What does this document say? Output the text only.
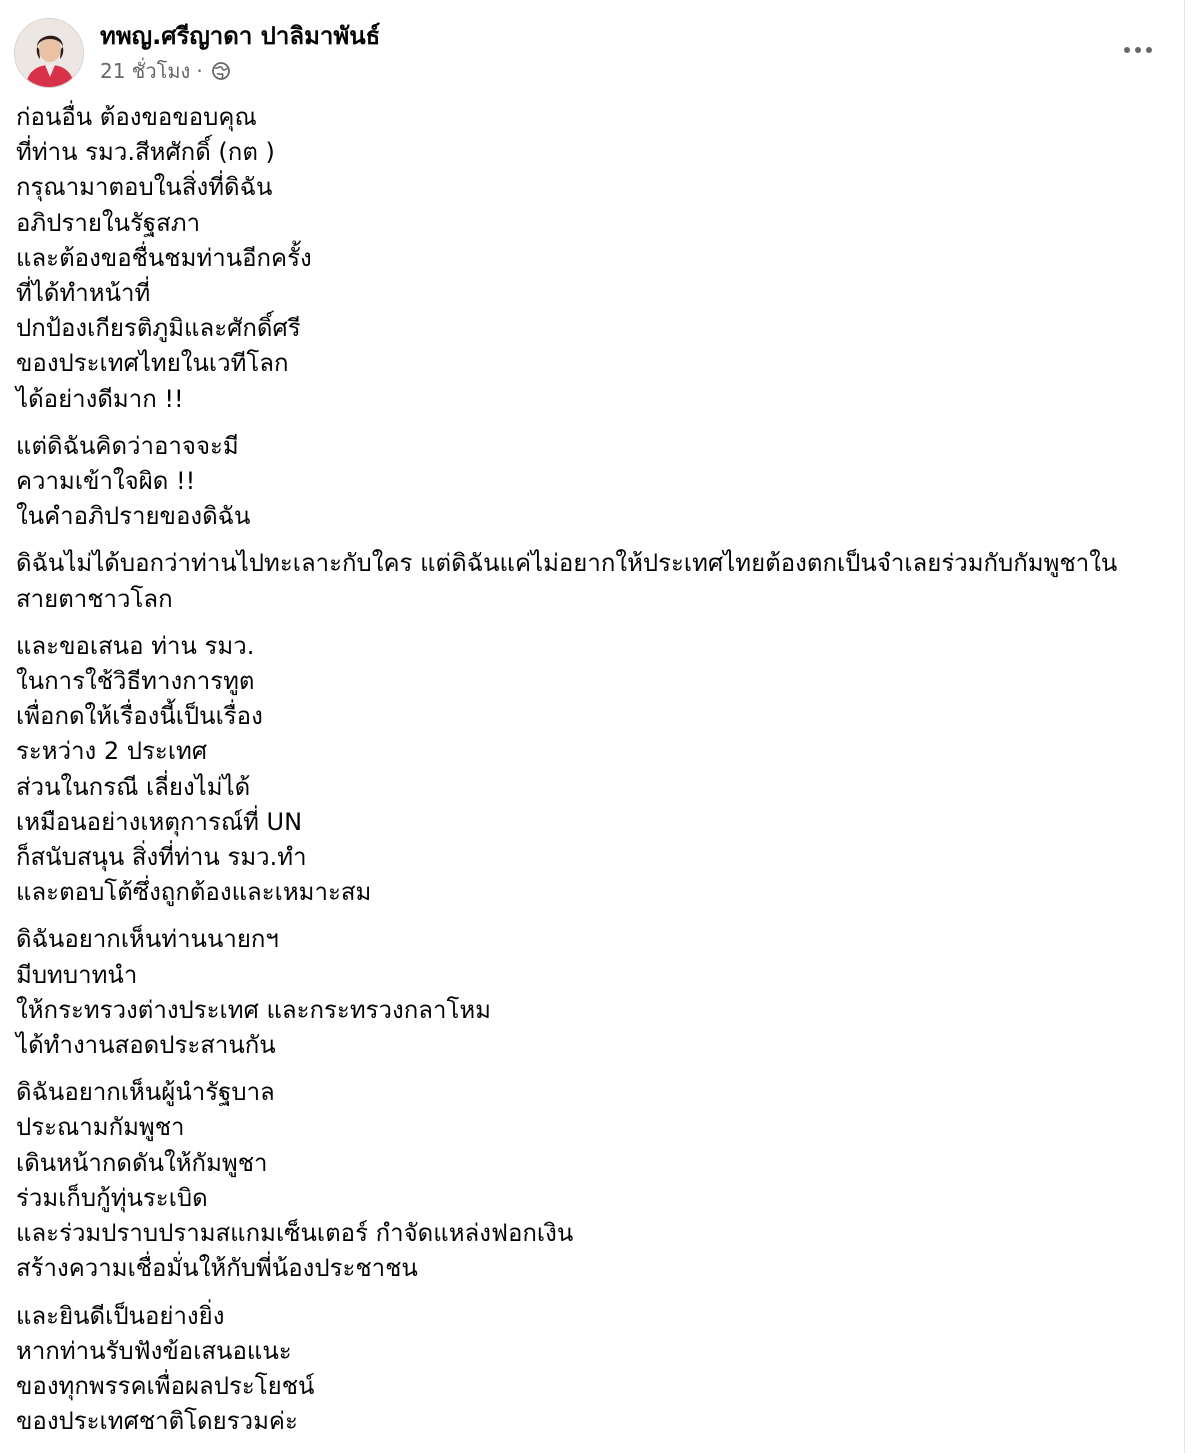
ทพญ.ศรีญาดา ปาลิมาพันธ์
21 ชั่วโมง ·
ก่อนอื่น ต้องขอขอบคุณ
ที่ท่าน รมว.สีหศักดิ์ (กต )
กรุณามาตอบในสิ่งที่ดิฉัน
อภิปรายในรัฐสภา
และต้องขอชื่นชมท่านอีกครั้ง
ที่ได้ทำหน้าที่
ปกป้องเกียรติภูมิและศักดิ์ศรี
ของประเทศไทยในเวทีโลก
ได้อย่างดีมาก !!
แต่ดิฉันคิดว่าอาจจะมี
ความเข้าใจผิด !!
ในคำอภิปรายของดิฉัน
ดิฉันไม่ได้บอกว่าท่านไปทะเลาะกับใคร แต่ดิฉันแค่ไม่อยากให้ประเทศไทยต้องตกเป็นจำเลยร่วมกับกัมพูชาใน
สายตาชาวโลก
และขอเสนอ ท่าน รมว.
ในการใช้วิธีทางการทูต
เพื่อกดให้เรื่องนี้เป็นเรื่อง
ระหว่าง 2 ประเทศ
ส่วนในกรณี เลี่ยงไม่ได้
เหมือนอย่างเหตุการณ์ที่ UN
ก็สนับสนุน สิ่งที่ท่าน รมว.ทำ
และตอบโต้ซึ่งถูกต้องและเหมาะสม
ดิฉันอยากเห็นท่านนายกฯ
มีบทบาทนำ
ให้กระทรวงต่างประเทศ และกระทรวงกลาโหม
ได้ทำงานสอดประสานกัน
ดิฉันอยากเห็นผู้นำรัฐบาล
ประณามกัมพูชา
เดินหน้ากดดันให้กัมพูชา
ร่วมเก็บกู้ทุ่นระเบิด
และร่วมปราบปรามสแกมเซ็นเตอร์ กำจัดแหล่งฟอกเงิน
สร้างความเชื่อมั่นให้กับพี่น้องประชาชน
และยินดีเป็นอย่างยิ่ง
หากท่านรับฟังข้อเสนอแนะ
ของทุกพรรคเพื่อผลประโยชน์
ของประเทศชาติโดยรวมค่ะ
